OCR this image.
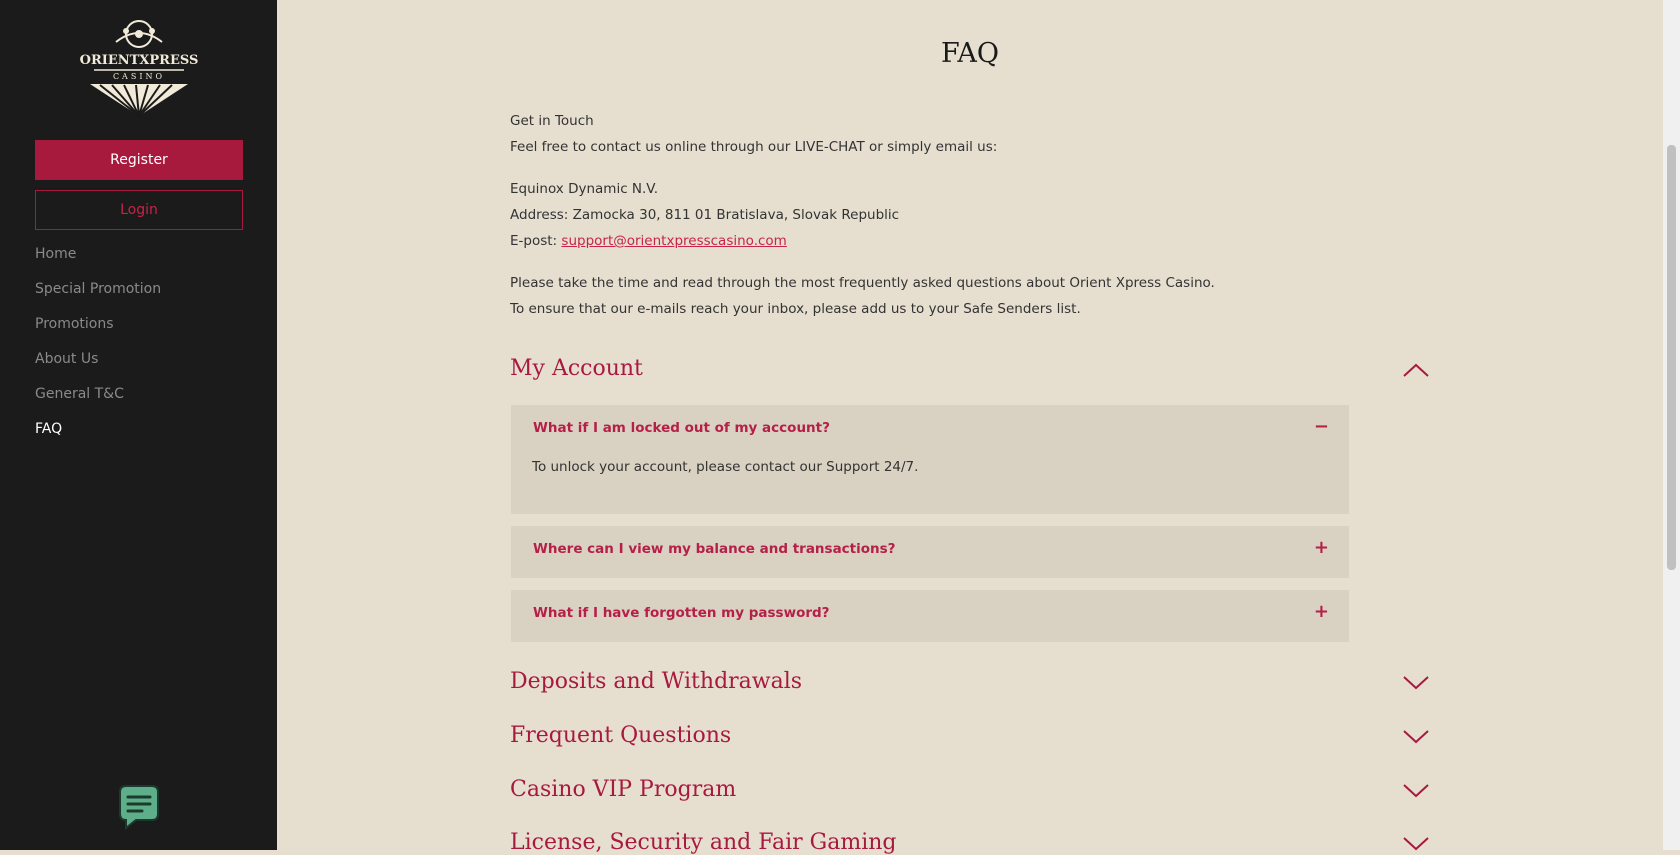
ORIENTXPRESS
CASINO
Register
Login
Home
Special Promotion
Promotions
About Us
General T&C
FAQ
FAQ
Get in Touch
Feel free to contact us online through our LIVE-CHAT or simply email us:
Equinox Dynamic N.V.
Address: Zamocka 30, 811 01 Bratislava, Slovak Republic
E-post: support@orientxpresscasino.com
Please take the time and read through the most frequently asked questions about Orient Xpress Casino.
To ensure that our e-mails reach your inbox, please add us to your Safe Senders list.
My Account
What if I am locked out of my account?	−
To unlock your account, please contact our Support 24/7.
Where can I view my balance and transactions?	+
What if I have forgotten my password?	+
Deposits and Withdrawals
Frequent Questions
Casino VIP Program
License, Security and Fair Gaming
